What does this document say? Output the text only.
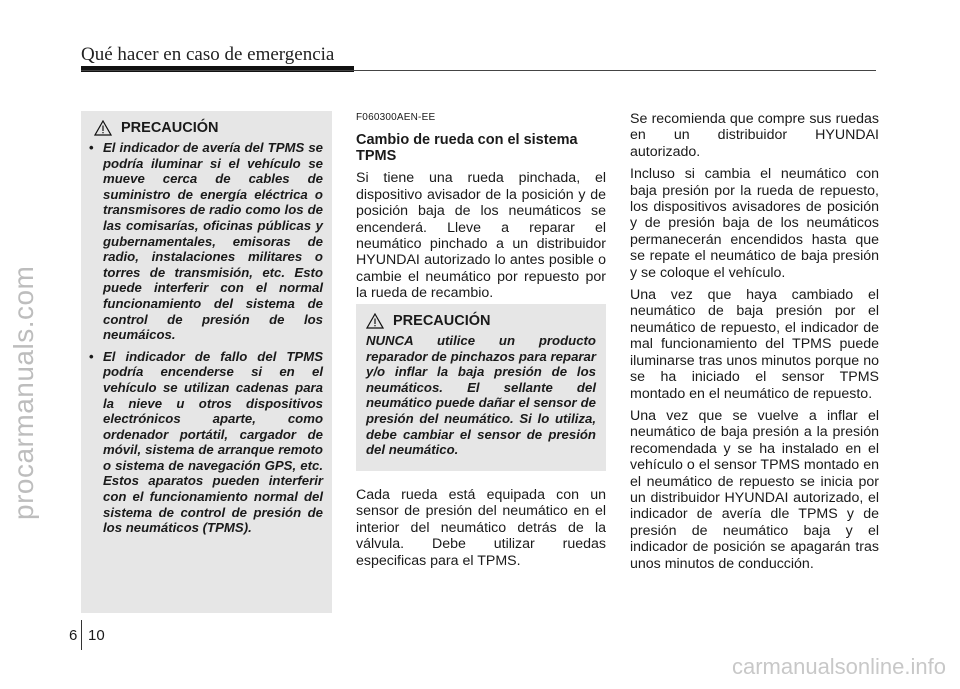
Qué hacer en caso de emergencia
procarmanuals.com
PRECAUCIÓN
• El indicador de avería del TPMS se podría iluminar si el vehículo se mueve cerca de cables de suministro de energía eléctrica o transmisores de radio como los de las comisarías, oficinas públicas y gubernamentales, emisoras de radio, instalaciones militares o torres de transmisión, etc. Esto puede interferir con el normal funcionamiento del sistema de control de presión de los neumáicos.
• El indicador de fallo del TPMS podría encenderse si en el vehículo se utilizan cadenas para la nieve u otros dispositivos electrónicos aparte, como ordenador portátil, cargador de móvil, sistema de arranque remoto o sistema de navegación GPS, etc. Estos aparatos pueden interferir con el funcionamiento normal del sistema de control de presión de los neumáticos (TPMS).
F060300AEN-EE
Cambio de rueda con el sistema TPMS

Si tiene una rueda pinchada, el dispositivo avisador de la posición y de posición baja de los neumáticos se encenderá. Lleve a reparar el neumático pinchado a un distribuidor HYUNDAI autorizado lo antes posible o cambie el neumático por repuesto por la rueda de recambio.

PRECAUCIÓN
NUNCA utilice un producto reparador de pinchazos para reparar y/o inflar la baja presión de los neumáticos. El sellante del neumático puede dañar el sensor de presión del neumático. Si lo utiliza, debe cambiar el sensor de presión del neumático.
Cada rueda está equipada con un sensor de presión del neumático en el interior del neumático detrás de la válvula. Debe utilizar ruedas especificas para el TPMS.

Se recomienda que compre sus ruedas en un distribuidor HYUNDAI autorizado.

Incluso si cambia el neumático con baja presión por la rueda de repuesto, los dispositivos avisadores de posición y de presión baja de los neumáticos permanecerán encendidos hasta que se repate el neumático de baja presión y se coloque el vehículo.

Una vez que haya cambiado el neumático de baja presión por el neumático de repuesto, el indicador de mal funcionamiento del TPMS puede iluminarse tras unos minutos porque no se ha iniciado el sensor TPMS montado en el neumático de repuesto.

Una vez que se vuelve a inflar el neumático de baja presión a la presión recomendada y se ha instalado en el vehículo o el sensor TPMS montado en el neumático de repuesto se inicia por un distribuidor HYUNDAI autorizado, el indicador de avería dle TPMS y de presión de neumático baja y el indicador de posición se apagarán tras unos minutos de conducción.

6 10
carmanualsonline.info
